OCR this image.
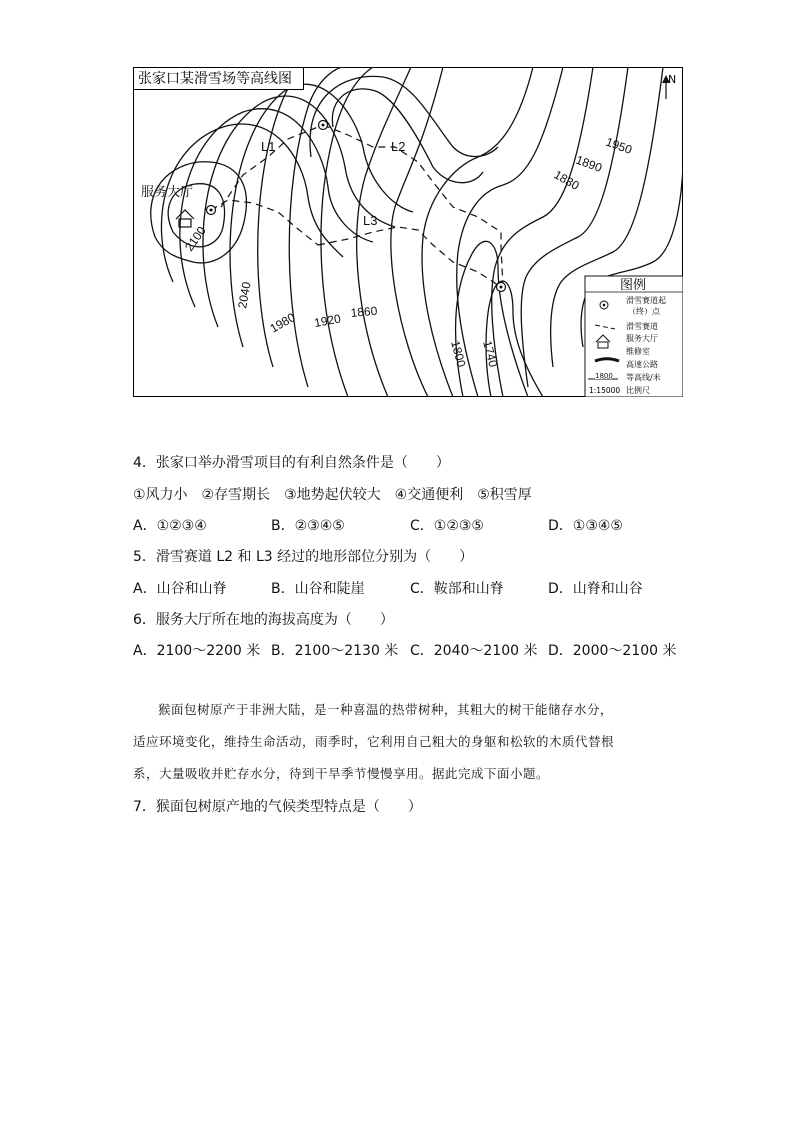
张家口某滑雪场等高线图	N
服务大厅
L1	L2
L3
2100
2040
1980 1920 1860
1800 1740
1950
1890
1830
图例
滑雪赛道起
（终）点
滑雪赛道
服务大厅
维修室
高速公路
1800 等高线/米
1:15000 比例尺
4．张家口举办滑雪项目的有利自然条件是（　　）
①风力小　②存雪期长　③地势起伏较大　④交通便利　⑤积雪厚
A．①②③④	B．②③④⑤	C．①②③⑤	D．①③④⑤
5．滑雪赛道 L2 和 L3 经过的地形部位分别为（　　）
A．山谷和山脊	B．山谷和陡崖	C．鞍部和山脊	D．山脊和山谷
6．服务大厅所在地的海拔高度为（　　）
A．2100～2200 米 B．2100～2130 米 C．2040～2100 米 D．2000～2100 米

猴面包树原产于非洲大陆，是一种喜温的热带树种，其粗大的树干能储存水分，

适应环境变化，维持生命活动，雨季时，它利用自己粗大的身躯和松软的木质代替根

系，大量吸收并贮存水分，待到干旱季节慢慢享用。据此完成下面小题。

7．猴面包树原产地的气候类型特点是（　　）
